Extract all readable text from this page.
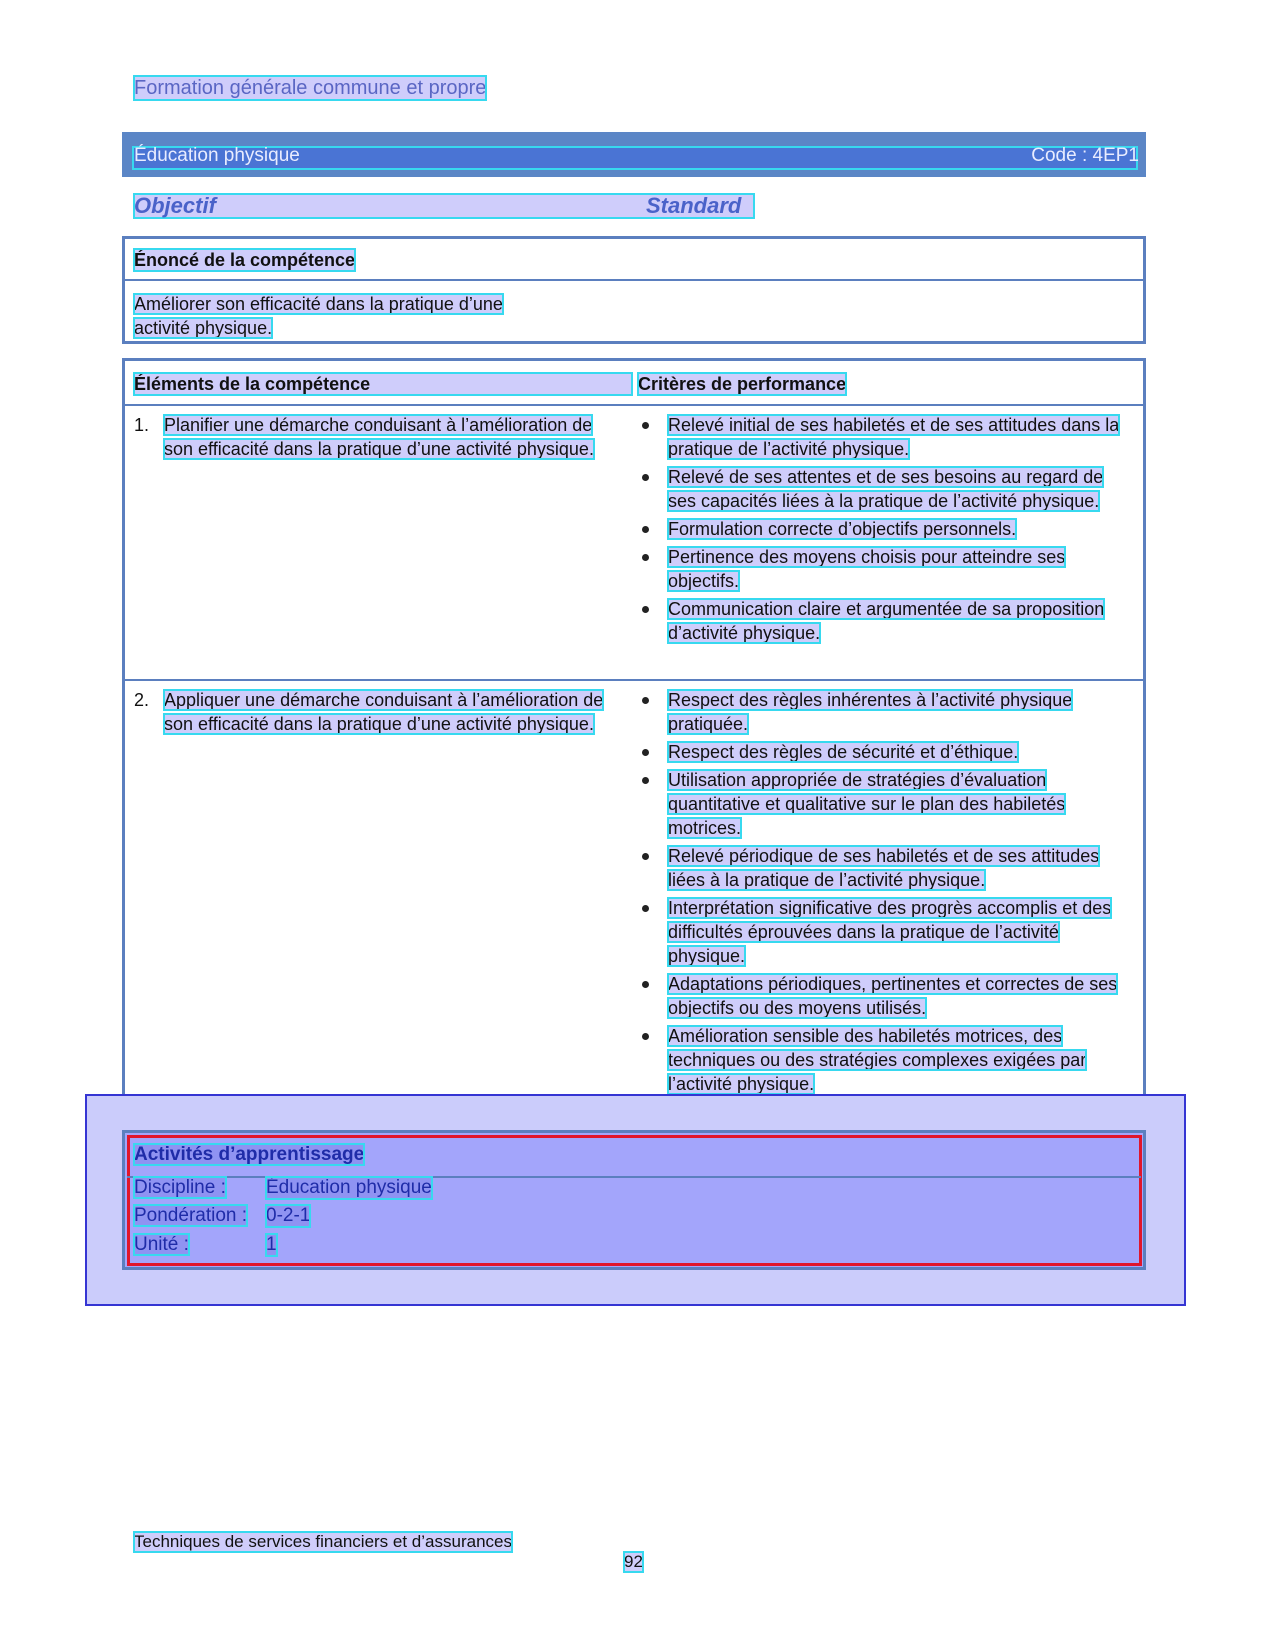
Formation générale commune et propre
Éducation physique	Code : 4EP1
Objectif	Standard
Énoncé de la compétence
Améliorer son efficacité dans la pratique d’une activité physique.
Éléments de la compétence	Critères de performance
1. Planifier une démarche conduisant à l’amélioration de son efficacité dans la pratique d’une activité physique.
Relevé initial de ses habiletés et de ses attitudes dans la pratique de l’activité physique.
Relevé de ses attentes et de ses besoins au regard de ses capacités liées à la pratique de l’activité physique.
Formulation correcte d’objectifs personnels.
Pertinence des moyens choisis pour atteindre ses objectifs.
Communication claire et argumentée de sa proposition d’activité physique.
2. Appliquer une démarche conduisant à l’amélioration de son efficacité dans la pratique d’une activité physique.
Respect des règles inhérentes à l’activité physique pratiquée.
Respect des règles de sécurité et d’éthique.
Utilisation appropriée de stratégies d’évaluation quantitative et qualitative sur le plan des habiletés motrices.
Relevé périodique de ses habiletés et de ses attitudes liées à la pratique de l’activité physique.
Interprétation significative des progrès accomplis et des difficultés éprouvées dans la pratique de l’activité physique.
Adaptations périodiques, pertinentes et correctes de ses objectifs ou des moyens utilisés.
Amélioration sensible des habiletés motrices, des techniques ou des stratégies complexes exigées par l’activité physique.
Activités d’apprentissage
Discipline : Éducation physique
Pondération : 0-2-1
Unité :	1
Techniques de services financiers et d’assurances
92
